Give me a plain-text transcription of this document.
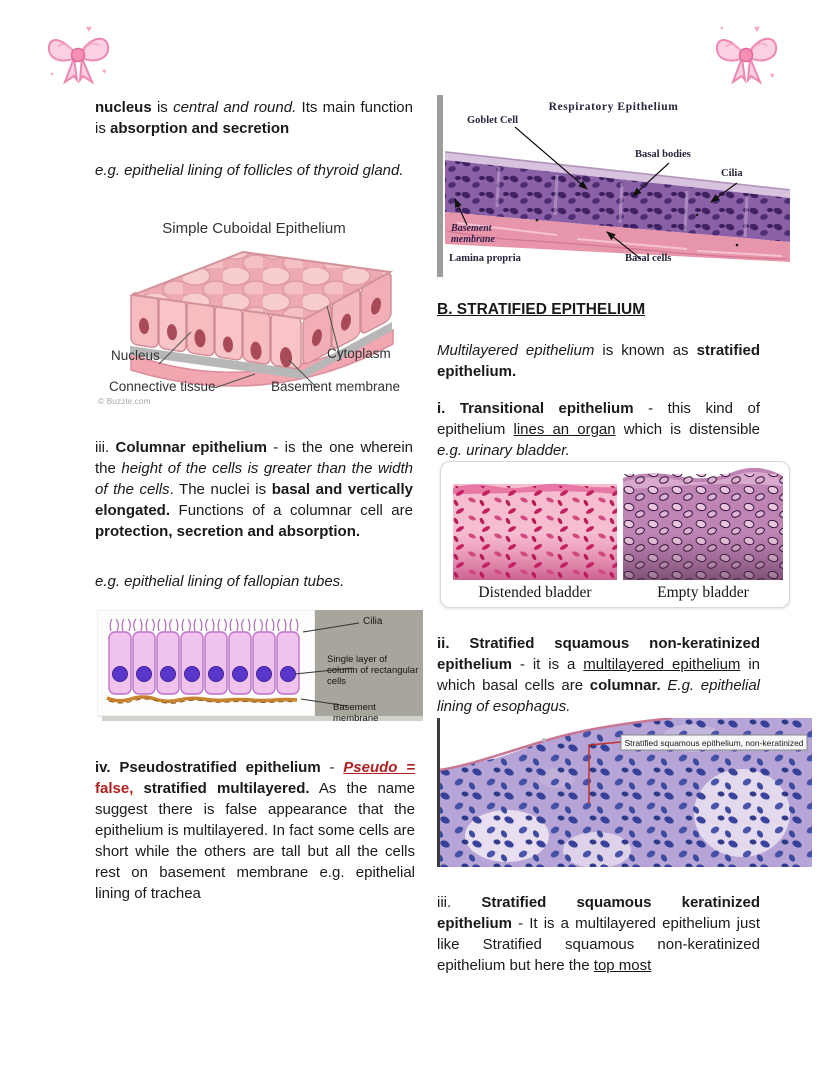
♥
♥
♥
♥
♥
♥
nucleus is central and round. Its main function is absorption and secretion
e.g. epithelial lining of follicles of thyroid gland.
Simple Cuboidal Epithelium
Nucleus	Cytoplasm
Connective tissue	Basement membrane
© Buzzle.com
iii. Columnar epithelium - is the one wherein the height of the cells is greater than the width of the cells. The nuclei is basal and vertically elongated. Functions of a columnar cell are protection, secretion and absorption.
e.g. epithelial lining of fallopian tubes.
Cilia
Single layer of column of rectangular cells
Basement membrane
iv. Pseudostratified epithelium - Pseudo = false, stratified multilayered. As the name suggest there is false appearance that the epithelium is multilayered. In fact some cells are short while the others are tall but all the cells rest on basement membrane e.g. epithelial lining of trachea
Respiratory Epithelium
Goblet Cell
Basal bodies
Cilia
Basement membrane
Lamina propria	Basal cells
B. STRATIFIED EPITHELIUM
Multilayered epithelium is known as stratified epithelium.
i. Transitional epithelium - this kind of epithelium lines an organ which is distensible e.g. urinary bladder.
Distended bladder	Empty bladder
ii. Stratified squamous non-keratinized epithelium - it is a multilayered epithelium in which basal cells are columnar. E.g. epithelial lining of esophagus.
Stratified squamous epithelium, non-keratinized
iii. Stratified squamous keratinized epithelium - It is a multilayered epithelium just like Stratified squamous non-keratinized epithelium but here the top most
